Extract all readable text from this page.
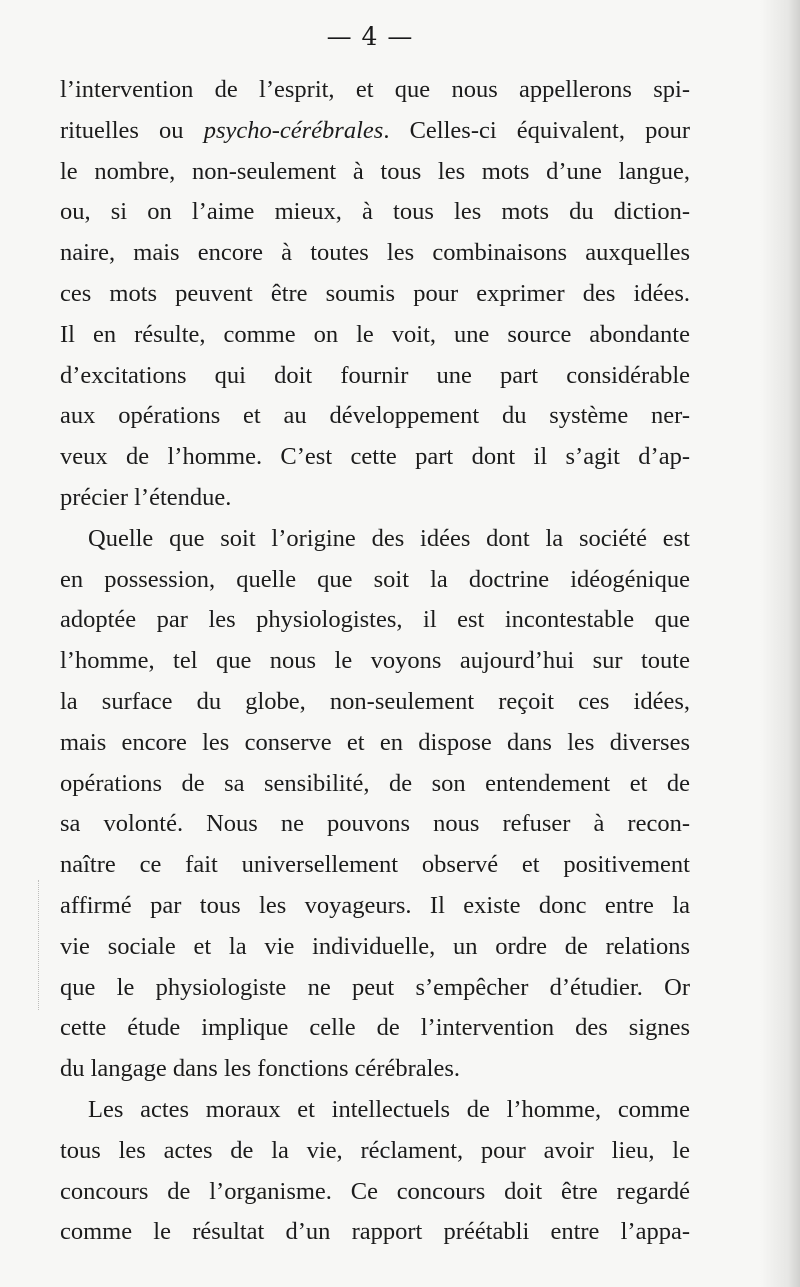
— 4 —
l’intervention de l’esprit, et que nous appellerons spi-
rituelles ou psycho-cérébrales. Celles-ci équivalent, pour
le nombre, non-seulement à tous les mots d’une langue,
ou, si on l’aime mieux, à tous les mots du diction-
naire, mais encore à toutes les combinaisons auxquelles
ces mots peuvent être soumis pour exprimer des idées.
Il en résulte, comme on le voit, une source abondante
d’excitations qui doit fournir une part considérable
aux opérations et au développement du système ner-
veux de l’homme. C’est cette part dont il s’agit d’ap-
précier l’étendue.
Quelle que soit l’origine des idées dont la société est
en possession, quelle que soit la doctrine idéogénique
adoptée par les physiologistes, il est incontestable que
l’homme, tel que nous le voyons aujourd’hui sur toute
la surface du globe, non-seulement reçoit ces idées,
mais encore les conserve et en dispose dans les diverses
opérations de sa sensibilité, de son entendement et de
sa volonté. Nous ne pouvons nous refuser à recon-
naître ce fait universellement observé et positivement
affirmé par tous les voyageurs. Il existe donc entre la
vie sociale et la vie individuelle, un ordre de relations
que le physiologiste ne peut s’empêcher d’étudier. Or
cette étude implique celle de l’intervention des signes
du langage dans les fonctions cérébrales.
Les actes moraux et intellectuels de l’homme, comme
tous les actes de la vie, réclament, pour avoir lieu, le
concours de l’organisme. Ce concours doit être regardé
comme le résultat d’un rapport préétabli entre l’appa-
